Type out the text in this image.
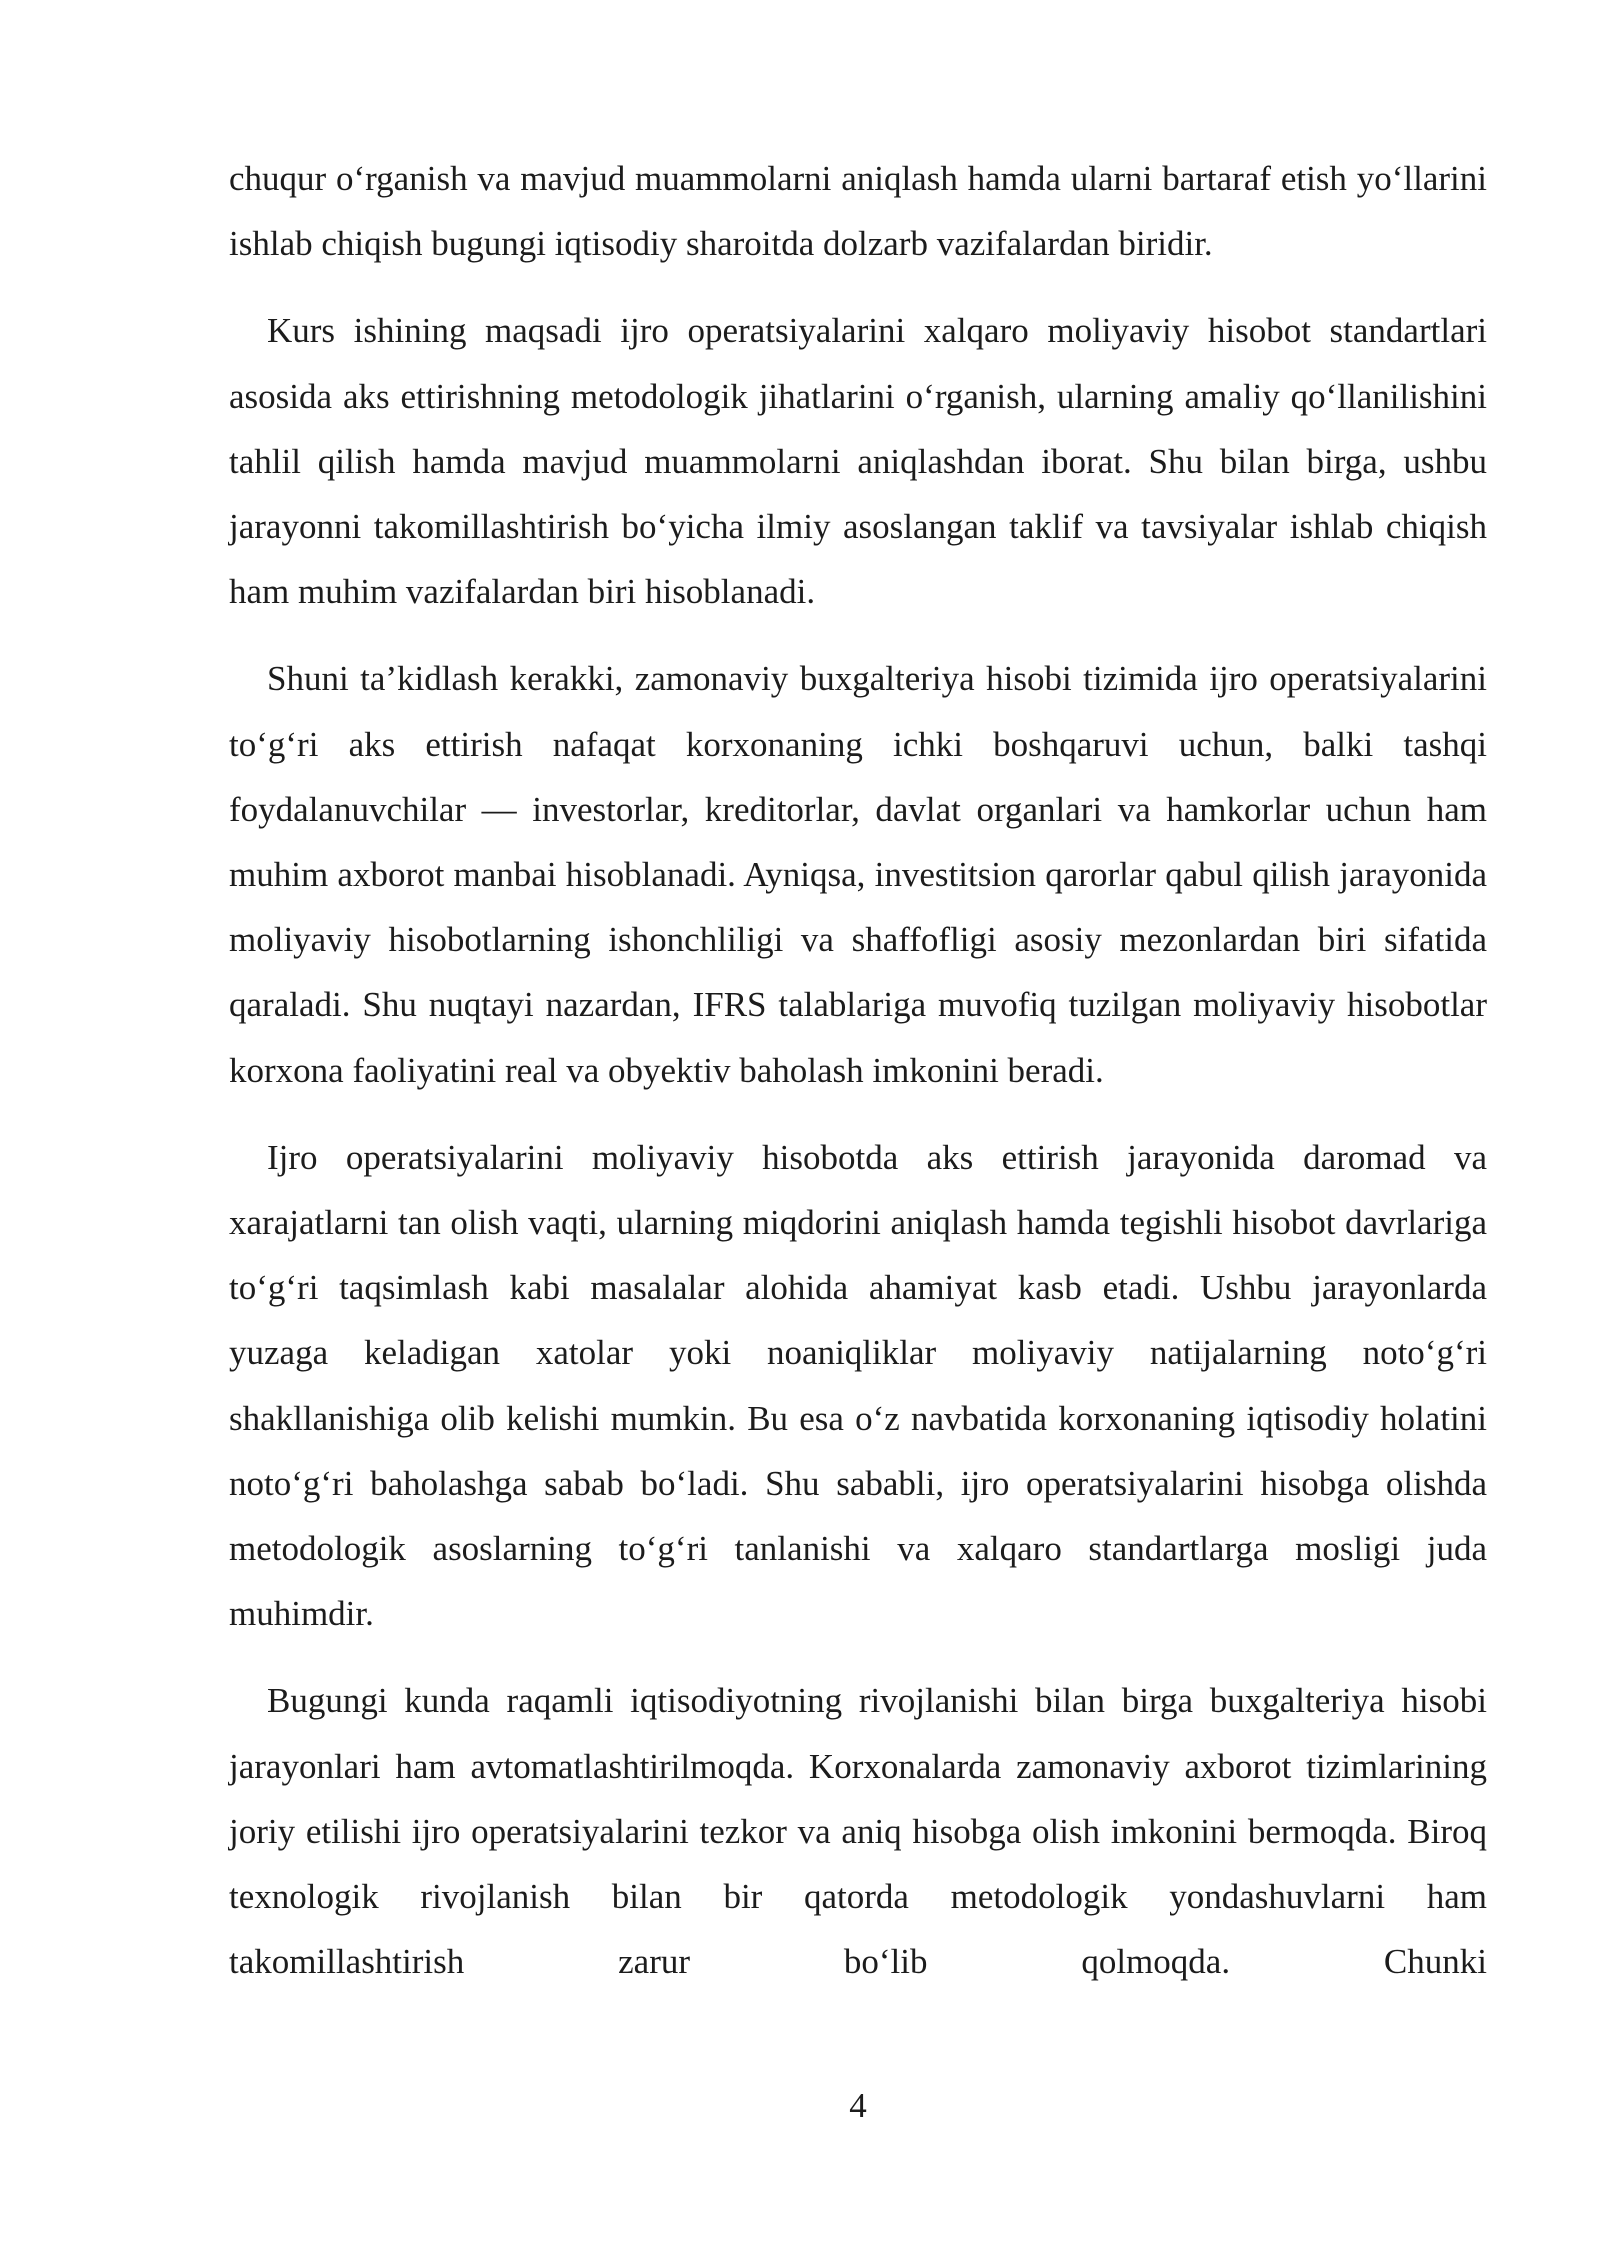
chuqur o‘rganish va mavjud muammolarni aniqlash hamda ularni bartaraf etish yo‘llarini ishlab chiqish bugungi iqtisodiy sharoitda dolzarb vazifalardan biridir.

Kurs ishining maqsadi ijro operatsiyalarini xalqaro moliyaviy hisobot standartlari asosida aks ettirishning metodologik jihatlarini o‘rganish, ularning amaliy qo‘llanilishini tahlil qilish hamda mavjud muammolarni aniqlashdan iborat. Shu bilan birga, ushbu jarayonni takomillashtirish bo‘yicha ilmiy asoslangan taklif va tavsiyalar ishlab chiqish ham muhim vazifalardan biri hisoblanadi.

Shuni ta’kidlash kerakki, zamonaviy buxgalteriya hisobi tizimida ijro operatsiyalarini to‘g‘ri aks ettirish nafaqat korxonaning ichki boshqaruvi uchun, balki tashqi foydalanuvchilar — investorlar, kreditorlar, davlat organlari va hamkorlar uchun ham muhim axborot manbai hisoblanadi. Ayniqsa, investitsion qarorlar qabul qilish jarayonida moliyaviy hisobotlarning ishonchliligi va shaffofligi asosiy mezonlardan biri sifatida qaraladi. Shu nuqtayi nazardan, IFRS talablariga muvofiq tuzilgan moliyaviy hisobotlar korxona faoliyatini real va obyektiv baholash imkonini beradi.

Ijro operatsiyalarini moliyaviy hisobotda aks ettirish jarayonida daromad va xarajatlarni tan olish vaqti, ularning miqdorini aniqlash hamda tegishli hisobot davrlariga to‘g‘ri taqsimlash kabi masalalar alohida ahamiyat kasb etadi. Ushbu jarayonlarda yuzaga keladigan xatolar yoki noaniqliklar moliyaviy natijalarning noto‘g‘ri shakllanishiga olib kelishi mumkin. Bu esa o‘z navbatida korxonaning iqtisodiy holatini noto‘g‘ri baholashga sabab bo‘ladi. Shu sababli, ijro operatsiyalarini hisobga olishda metodologik asoslarning to‘g‘ri tanlanishi va xalqaro standartlarga mosligi juda muhimdir.

Bugungi kunda raqamli iqtisodiyotning rivojlanishi bilan birga buxgalteriya hisobi jarayonlari ham avtomatlashtirilmoqda. Korxonalarda zamonaviy axborot tizimlarining joriy etilishi ijro operatsiyalarini tezkor va aniq hisobga olish imkonini bermoqda. Biroq texnologik rivojlanish bilan bir qatorda metodologik yondashuvlarni ham takomillashtirish zarur bo‘lib qolmoqda. Chunki

4
